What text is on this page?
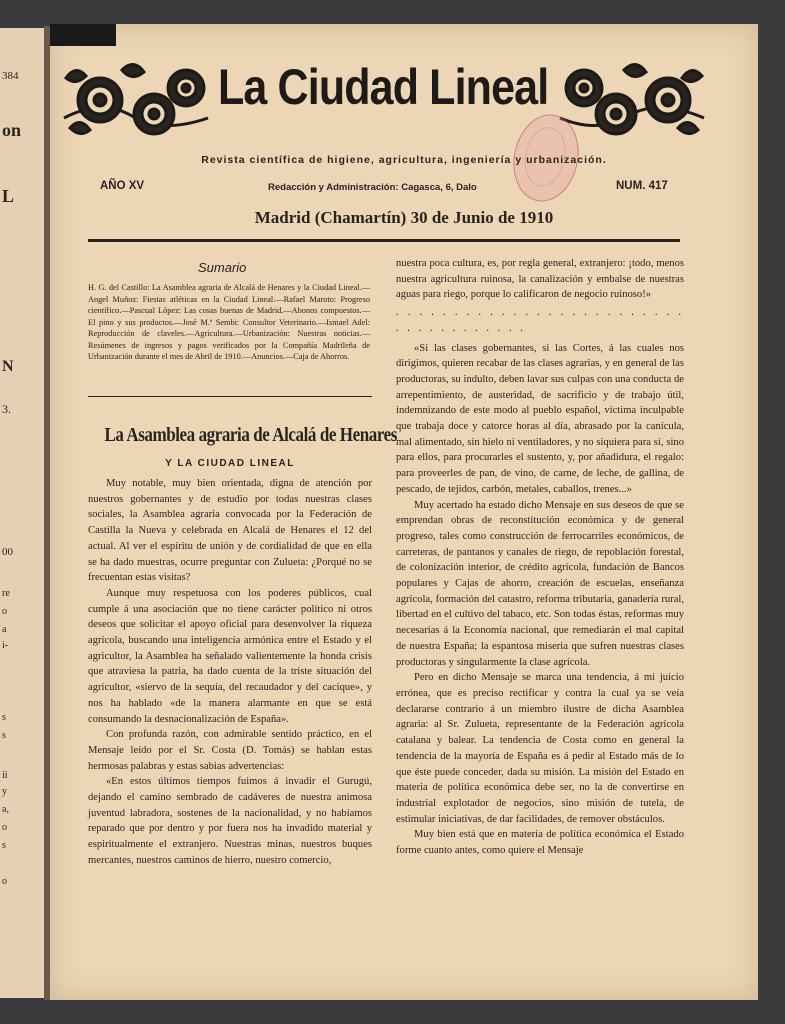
384
on
L
N
3.
00
re
o
a
i-
s
s
ii
y
a,
o
s
o
La Ciudad Lineal
Revista científica de higiene, agricultura, ingeniería y urbanización.
AÑO XV	Redacción y Administración: Cagasca, 6, Dalo	NUM. 417
Madrid (Chamartín) 30 de Junio de 1910
Sumario
H. G. del Castillo: La Asamblea agraria de Alcalá de Henares y la Ciudad Lineal.—Angel Muñoz: Fiestas atléticas en la Ciudad Lineal.—Rafael Maroto: Progreso científico.—Pascual López: Las cosas buenas de Madrid.—Abonos compuestos.—El pino y sus productos.—José M.ª Sembi: Consultor Veterinario.—Ismael Adel: Reproducción de claveles.—Agricultura.—Urbanización: Nuestras noticias.—Resúmenes de ingresos y pagos verificados por la Compañía Madrileña de Urbanización durante el mes de Abril de 1910.—Anuncios.—Caja de Ahorros.
La Asamblea agraria de Alcalá de Henares
Y LA CIUDAD LINEAL

Muy notable, muy bien orientada, digna de atención por nuestros gobernantes y de estudio por todas nuestras clases sociales, la Asamblea agraria convocada por la Federación de Castilla la Nueva y celebrada en Alcalá de Henares el 12 del actual. Al ver el espíritu de unión y de cordialidad de que en ella se ha dado muestras, ocurre preguntar con Zulueta: ¿Porqué no se frecuentan estas visitas?

Aunque muy respetuosa con los poderes públicos, cual cumple á una asociación que no tiene carácter político ni otros deseos que solicitar el apoyo oficial para desenvolver la riqueza agrícola, buscando una inteligencia armónica entre el Estado y el agricultor, la Asamblea ha señalado valientemente la honda crisis que atraviesa la patria, ha dado cuenta de la triste situación del agricultor, «siervo de la sequía, del recaudador y del cacique», y nos ha hablado «de la manera alarmante en que se está consumando la desnacionalización de España».

Con profunda razón, con admirable sentido práctico, en el Mensaje leído por el Sr. Costa (D. Tomás) se hablan estas hermosas palabras y estas sabias advertencias:

«En estos últimos tiempos fuimos á invadir el Gurugú, dejando el camino sembrado de cadáveres de nuestra animosa juventud labradora, sostenes de la nacionalidad, y no habíamos reparado que por dentro y por fuera nos ha invadido material y espiritualmente el extranjero. Nuestras minas, nuestros buques mercantes, nuestros caminos de hierro, nuestro comercio,

nuestra poca cultura, es, por regla general, extranjero: ¡todo, menos nuestra agricultura ruinosa, la canalización y embalse de nuestras aguas para riego, porque lo calificaron de negocio ruinoso!»

. . . . . . . . . . . . . . . . . . . . . . . . . . . . . . . . . . . . .

«Si las clases gobernantes, si las Cortes, á las cuales nos dirigimos, quieren recabar de las clases agrarias, y en general de las productoras, su indulto, deben lavar sus culpas con una conducta de arrepentimiento, de austeridad, de sacrificio y de trabajo útil, indemnizando de este modo al pueblo español, víctima inculpable que trabaja doce y catorce horas al día, abrasado por la canícula, mal alimentado, sin hielo ni ventiladores, y no siquiera para sí, sino para ellos, para procurarles el sustento, y, por añadidura, el regalo: para proveerles de pan, de vino, de carne, de leche, de gallina, de pescado, de tejidos, carbón, metales, caballos, trenes...»

Muy acertado ha estado dicho Mensaje en sus deseos de que se emprendan obras de reconstitución económica y de general progreso, tales como construcción de ferrocarriles económicos, de carreteras, de pantanos y canales de riego, de repoblación forestal, de colonización interior, de crédito agrícola, fundación de Bancos populares y Cajas de ahorro, creación de escuelas, enseñanza agrícola, formación del catastro, reforma tributaria, ganadería rural, libertad en el cultivo del tabaco, etc. Son todas éstas, reformas muy necesarias á la Economía nacional, que remediarán el mal capital de nuestra España; la espantosa miseria que sufren nuestras clases productoras y singularmente la clase agrícola.

Pero en dicho Mensaje se marca una tendencia, á mi juicio errónea, que es preciso rectificar y contra la cual ya se veía declararse contrario á un miembro ilustre de dicha Asamblea agraria: al Sr. Zulueta, representante de la Federación agrícola catalana y balear. La tendencia de Costa como en general la tendencia de la mayoría de España es á pedir al Estado más de lo que éste puede conceder, dada su misión. La misión del Estado en materia de política económica debe ser, no la de convertirse en industrial explotador de negocios, sino misión de tutela, de estimular iniciativas, de dar facilidades, de remover obstáculos.

Muy bien está que en materia de política económica el Estado forme cuanto antes, como quiere el Mensaje
